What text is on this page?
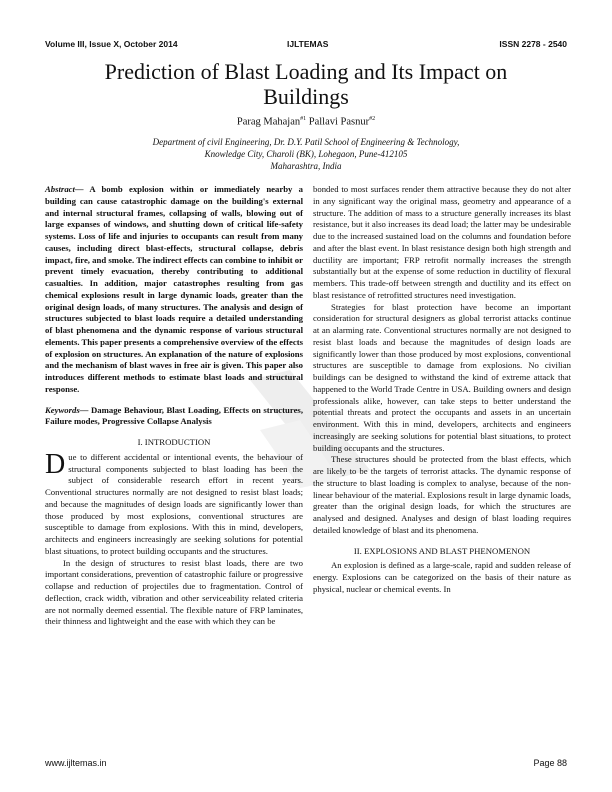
Volume III, Issue X, October 2014	IJLTEMAS	ISSN 2278 - 2540
Prediction of Blast Loading and Its Impact on Buildings
Parag Mahajan$^{\#1}$ Pallavi Pasnur$^{\#2}$
Department of civil Engineering, Dr. D.Y. Patil School of Engineering & Technology,
Knowledge City, Charoli (BK), Lohegaon, Pune-412105
Maharashtra, India

Abstract— A bomb explosion within or immediately nearby a building can cause catastrophic damage on the building's external and internal structural frames, collapsing of walls, blowing out of large expanses of windows, and shutting down of critical life-safety systems. Loss of life and injuries to occupants can result from many causes, including direct blast-effects, structural collapse, debris impact, fire, and smoke. The indirect effects can combine to inhibit or prevent timely evacuation, thereby contributing to additional casualties. In addition, major catastrophes resulting from gas chemical explosions result in large dynamic loads, greater than the original design loads, of many structures. The analysis and design of structures subjected to blast loads require a detailed understanding of blast phenomena and the dynamic response of various structural elements. This paper presents a comprehensive overview of the effects of explosion on structures. An explanation of the nature of explosions and the mechanism of blast waves in free air is given. This paper also introduces different methods to estimate blast loads and structural response.

Keywords— Damage Behaviour, Blast Loading, Effects on structures, Failure modes, Progressive Collapse Analysis

I. INTRODUCTION

Due to different accidental or intentional events, the behaviour of structural components subjected to blast loading has been the subject of considerable research effort in recent years. Conventional structures normally are not designed to resist blast loads; and because the magnitudes of design loads are significantly lower than those produced by most explosions, conventional structures are susceptible to damage from explosions. With this in mind, developers, architects and engineers increasingly are seeking solutions for potential blast situations, to protect building occupants and the structures.

In the design of structures to resist blast loads, there are two important considerations, prevention of catastrophic failure or progressive collapse and reduction of projectiles due to fragmentation. Control of deflection, crack width, vibration and other serviceability related criteria are not normally deemed essential. The flexible nature of FRP laminates, their thinness and lightweight and the ease with which they can be

bonded to most surfaces render them attractive because they do not alter in any significant way the original mass, geometry and appearance of a structure. The addition of mass to a structure generally increases its blast resistance, but it also increases its dead load; the latter may be undesirable due to the increased sustained load on the columns and foundation before and after the blast event. In blast resistance design both high strength and ductility are important; FRP retrofit normally increases the strength substantially but at the expense of some reduction in ductility of flexural members. This trade-off between strength and ductility and its effect on blast resistance of retrofitted structures need investigation.

Strategies for blast protection have become an important consideration for structural designers as global terrorist attacks continue at an alarming rate. Conventional structures normally are not designed to resist blast loads and because the magnitudes of design loads are significantly lower than those produced by most explosions, conventional structures are susceptible to damage from explosions. No civilian buildings can be designed to withstand the kind of extreme attack that happened to the World Trade Centre in USA. Building owners and design professionals alike, however, can take steps to better understand the potential threats and protect the occupants and assets in an uncertain environment. With this in mind, developers, architects and engineers increasingly are seeking solutions for potential blast situations, to protect building occupants and the structures.

These structures should be protected from the blast effects, which are likely to be the targets of terrorist attacks. The dynamic response of the structure to blast loading is complex to analyse, because of the non-linear behaviour of the material. Explosions result in large dynamic loads, greater than the original design loads, for which the structures are analysed and designed. Analyses and design of blast loading requires detailed knowledge of blast and its phenomena.

II. EXPLOSIONS AND BLAST PHENOMENON

An explosion is defined as a large-scale, rapid and sudden release of energy. Explosions can be categorized on the basis of their nature as physical, nuclear or chemical events. In

www.ijltemas.in	Page 88
